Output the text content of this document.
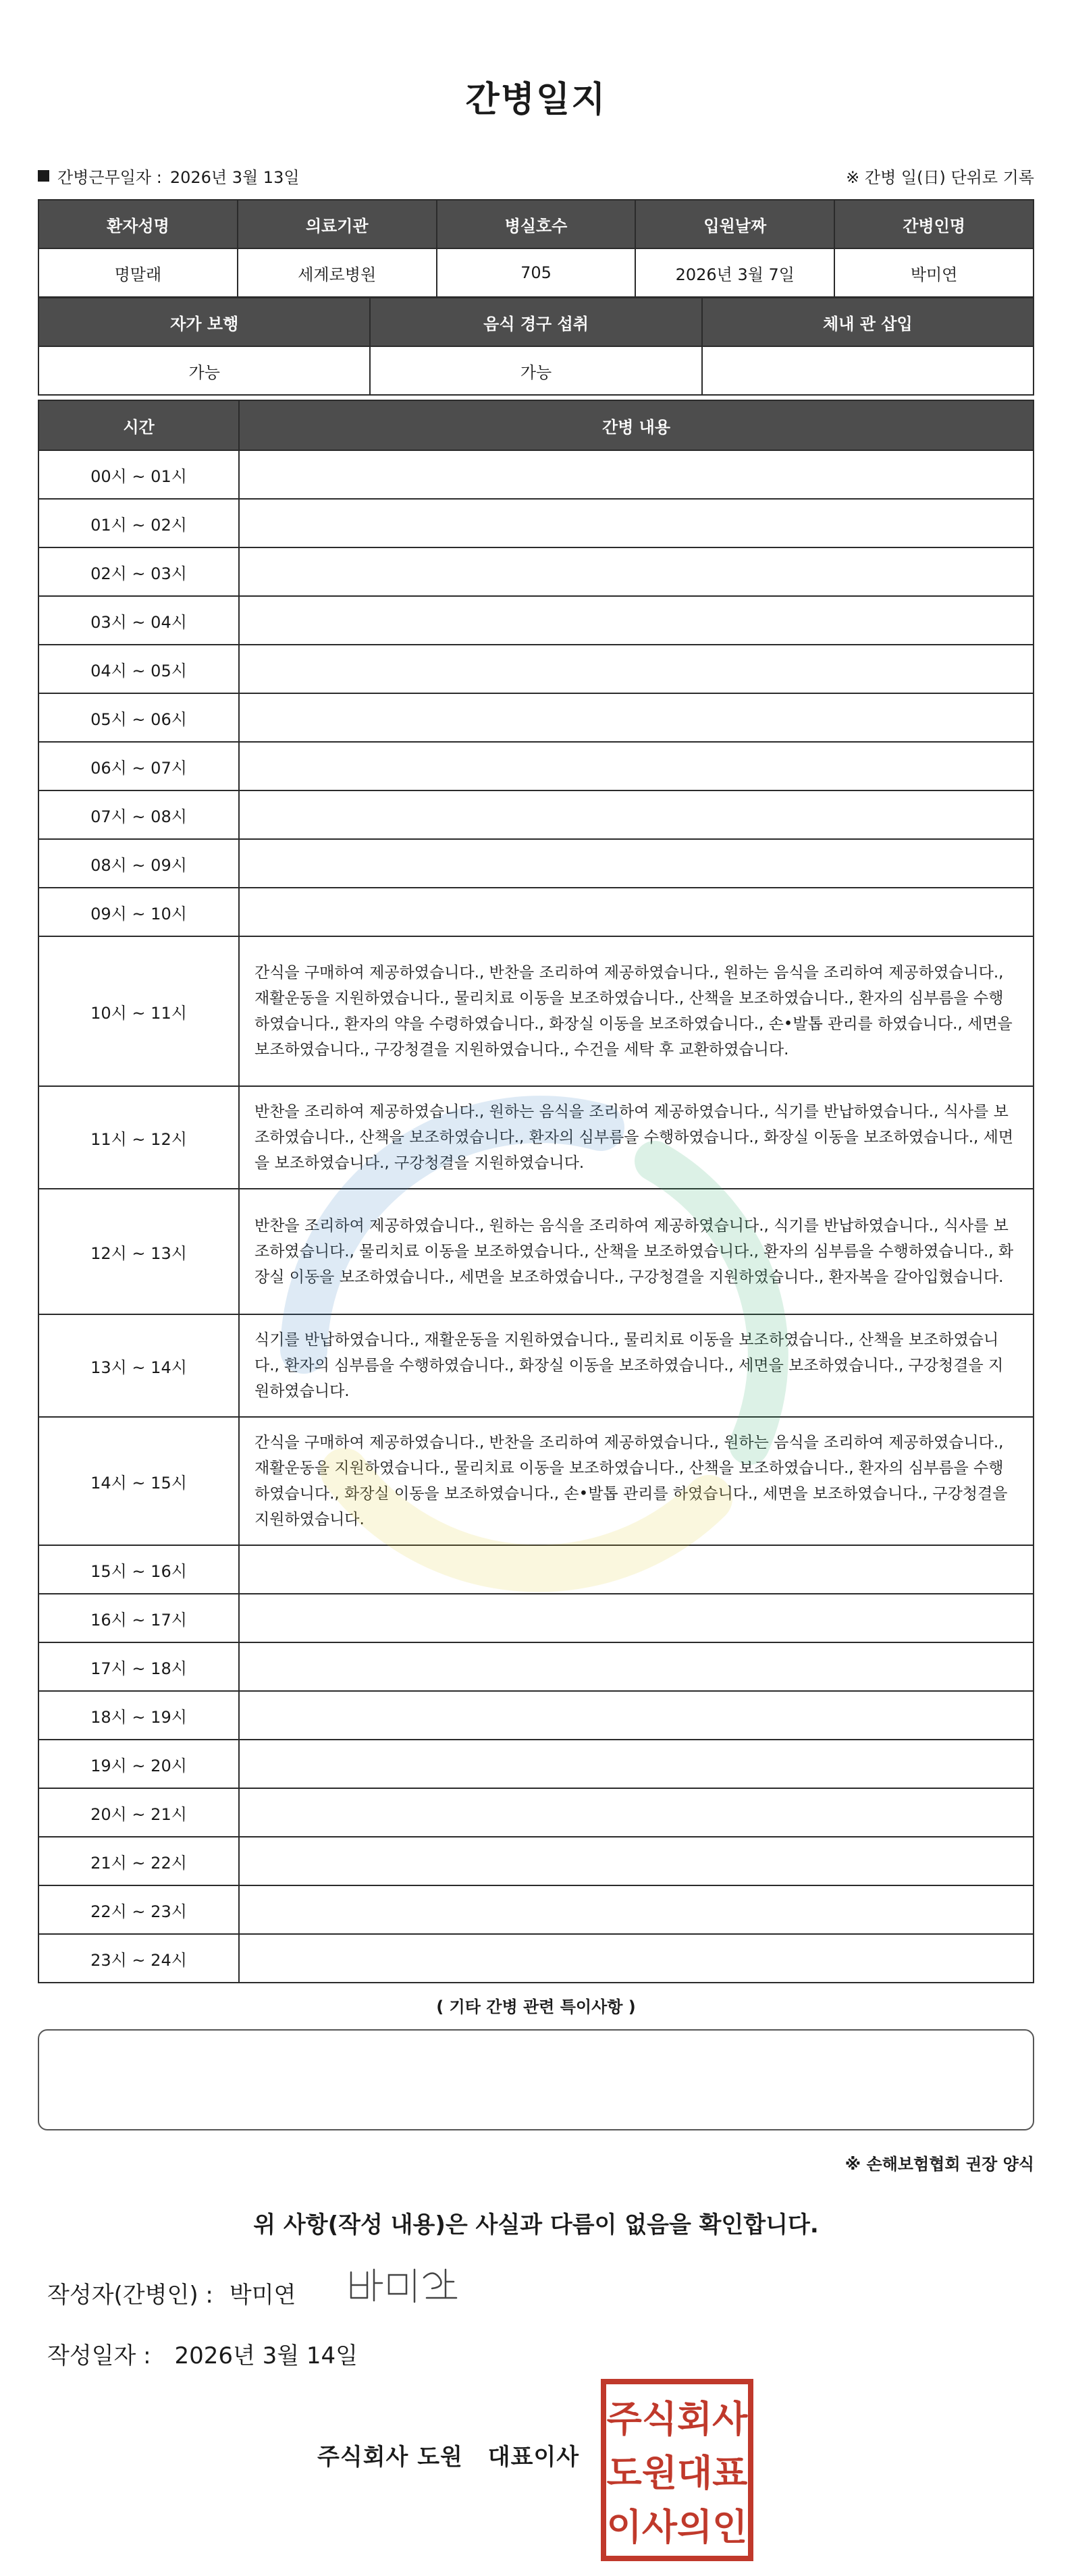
간병일지
간병근무일자 : 2026년 3월 13일	※ 간병 일(日) 단위로 기록
환자성명	의료기관	병실호수	입원날짜	간병인명
명말래	세계로병원	705	2026년 3월 7일	박미연
자가 보행	음식 경구 섭취	체내 관 삽입
가능	가능	
시간	간병 내용
00시 ~ 01시	
01시 ~ 02시	
02시 ~ 03시	
03시 ~ 04시	
04시 ~ 05시	
05시 ~ 06시	
06시 ~ 07시	
07시 ~ 08시	
08시 ~ 09시	
09시 ~ 10시	
10시 ~ 11시	간식을 구매하여 제공하였습니다., 반찬을 조리하여 제공하였습니다., 원하는 음식을 조리하여 제공하였습니다., 재활운동을 지원하였습니다., 물리치료 이동을 보조하였습니다., 산책을 보조하였습니다., 환자의 심부름을 수행하였습니다., 환자의 약을 수령하였습니다., 화장실 이동을 보조하였습니다., 손•발톱 관리를 하였습니다., 세면을 보조하였습니다., 구강청결을 지원하였습니다., 수건을 세탁 후 교환하였습니다.
11시 ~ 12시	반찬을 조리하여 제공하였습니다., 원하는 음식을 조리하여 제공하였습니다., 식기를 반납하였습니다., 식사를 보조하였습니다., 산책을 보조하였습니다., 환자의 심부름을 수행하였습니다., 화장실 이동을 보조하였습니다., 세면을 보조하였습니다., 구강청결을 지원하였습니다.
12시 ~ 13시	반찬을 조리하여 제공하였습니다., 원하는 음식을 조리하여 제공하였습니다., 식기를 반납하였습니다., 식사를 보조하였습니다., 물리치료 이동을 보조하였습니다., 산책을 보조하였습니다., 환자의 심부름을 수행하였습니다., 화장실 이동을 보조하였습니다., 세면을 보조하였습니다., 구강청결을 지원하였습니다., 환자복을 갈아입혔습니다.
13시 ~ 14시	식기를 반납하였습니다., 재활운동을 지원하였습니다., 물리치료 이동을 보조하였습니다., 산책을 보조하였습니다., 환자의 심부름을 수행하였습니다., 화장실 이동을 보조하였습니다., 세면을 보조하였습니다., 구강청결을 지원하였습니다.
14시 ~ 15시	간식을 구매하여 제공하였습니다., 반찬을 조리하여 제공하였습니다., 원하는 음식을 조리하여 제공하였습니다., 재활운동을 지원하였습니다., 물리치료 이동을 보조하였습니다., 산책을 보조하였습니다., 환자의 심부름을 수행하였습니다., 화장실 이동을 보조하였습니다., 손•발톱 관리를 하였습니다., 세면을 보조하였습니다., 구강청결을 지원하였습니다.
15시 ~ 16시	
16시 ~ 17시	
17시 ~ 18시	
18시 ~ 19시	
19시 ~ 20시	
20시 ~ 21시	
21시 ~ 22시	
22시 ~ 23시	
23시 ~ 24시	
( 기타 간병 관련 특이사항 )
※ 손해보험협회 권장 양식
위 사항(작성 내용)은 사실과 다름이 없음을 확인합니다.
작성자(간병인) : 박미연
작성일자 : 2026년 3월 14일
주식회사 도원 대표이사
주식회사
도원대표
이사의인
